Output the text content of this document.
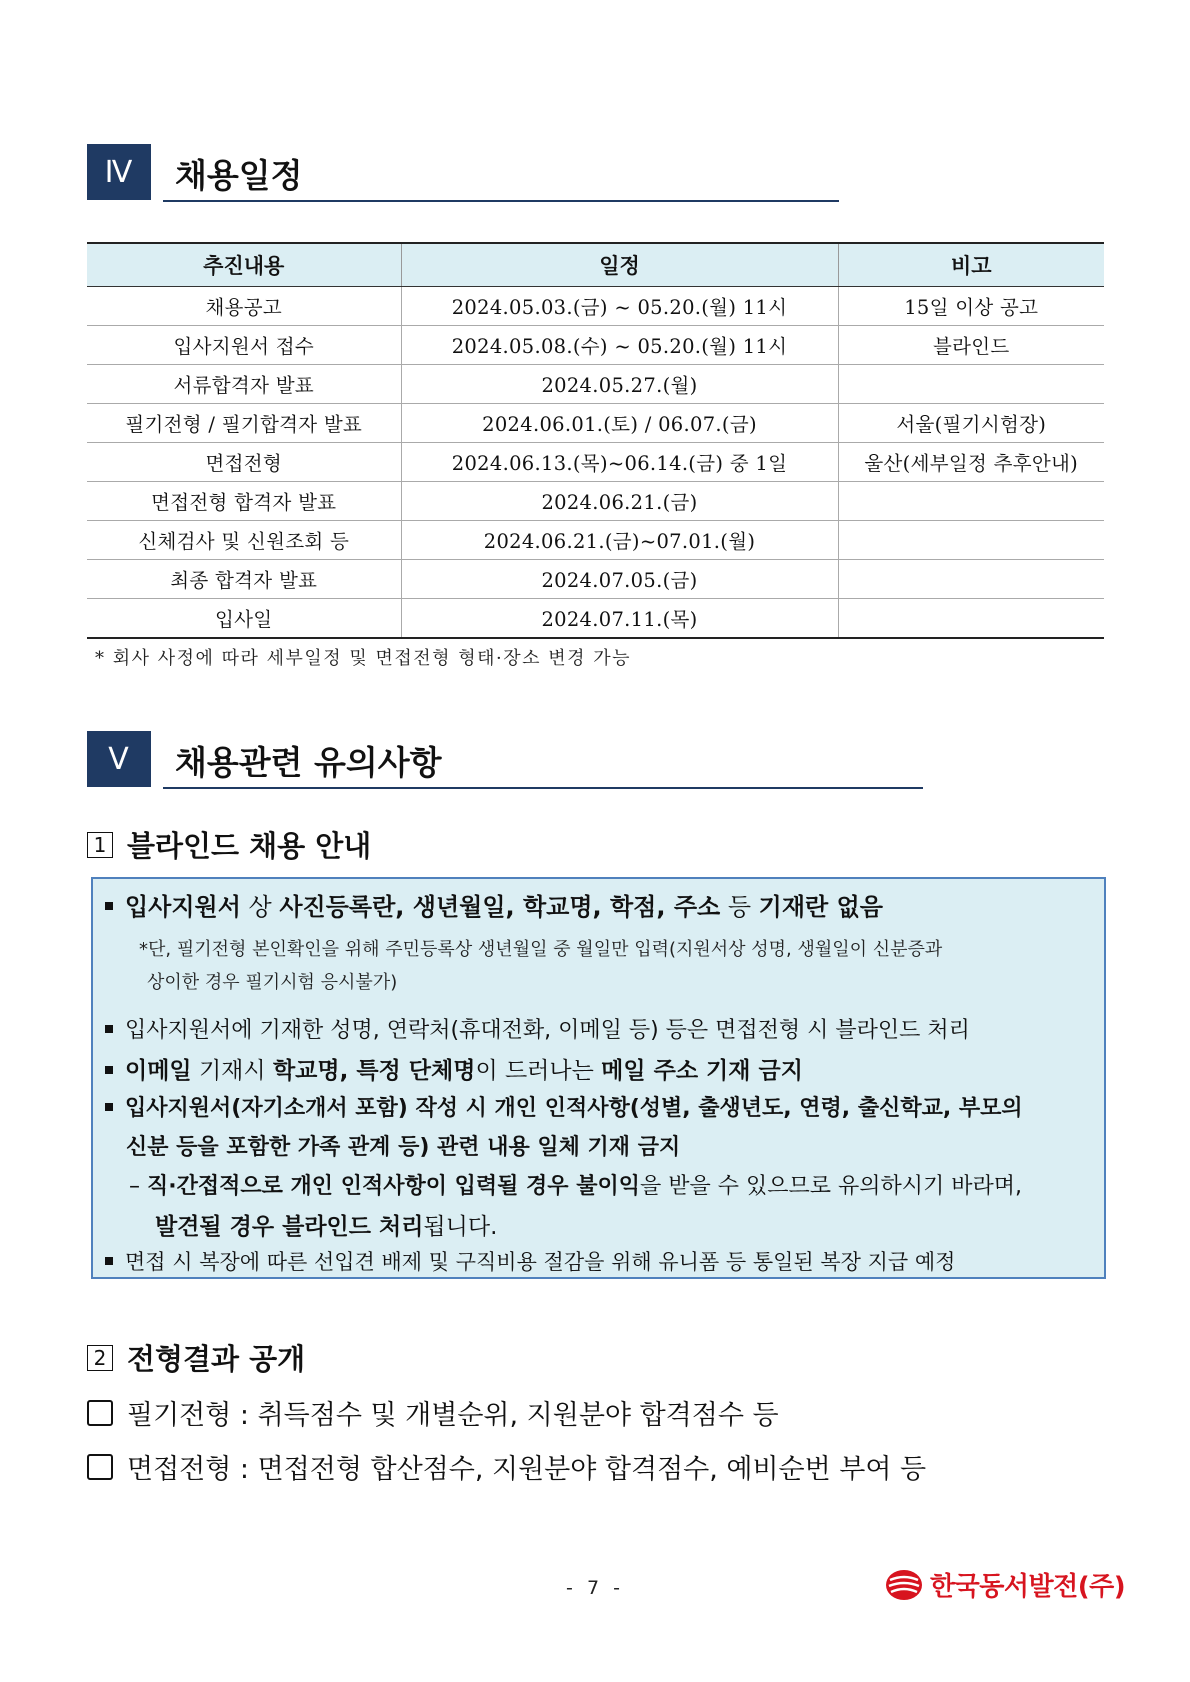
Ⅳ	채용일정
추진내용	일정	비고
채용공고	2024.05.03.(금) ~ 05.20.(월) 11시	15일 이상 공고
입사지원서 접수	2024.05.08.(수) ~ 05.20.(월) 11시	블라인드
서류합격자 발표	2024.05.27.(월)	
필기전형 / 필기합격자 발표	2024.06.01.(토) / 06.07.(금)	서울(필기시험장)
면접전형	2024.06.13.(목)~06.14.(금) 중 1일	울산(세부일정 추후안내)
면접전형 합격자 발표	2024.06.21.(금)	
신체검사 및 신원조회 등	2024.06.21.(금)~07.01.(월)	
최종 합격자 발표	2024.07.05.(금)	
입사일	2024.07.11.(목)	
* 회사 사정에 따라 세부일정 및 면접전형 형태·장소 변경 가능
Ⅴ	채용관련 유의사항
1 블라인드 채용 안내
입사지원서 상 사진등록란, 생년월일, 학교명, 학점, 주소 등 기재란 없음
*단, 필기전형 본인확인을 위해 주민등록상 생년월일 중 월일만 입력(지원서상 성명, 생월일이 신분증과
상이한 경우 필기시험 응시불가)
입사지원서에 기재한 성명, 연락처(휴대전화, 이메일 등) 등은 면접전형 시 블라인드 처리
이메일 기재시 학교명, 특정 단체명이 드러나는 메일 주소 기재 금지
입사지원서(자기소개서 포함) 작성 시 개인 인적사항(성별, 출생년도, 연령, 출신학교, 부모의
신분 등을 포함한 가족 관계 등) 관련 내용 일체 기재 금지
– 직·간접적으로 개인 인적사항이 입력될 경우 불이익을 받을 수 있으므로 유의하시기 바라며,
발견될 경우 블라인드 처리됩니다.
면접 시 복장에 따른 선입견 배제 및 구직비용 절감을 위해 유니폼 등 통일된 복장 지급 예정
2 전형결과 공개
필기전형 : 취득점수 및 개별순위, 지원분야 합격점수 등
면접전형 : 면접전형 합산점수, 지원분야 합격점수, 예비순번 부여 등
- 7 -	한국동서발전(주)
